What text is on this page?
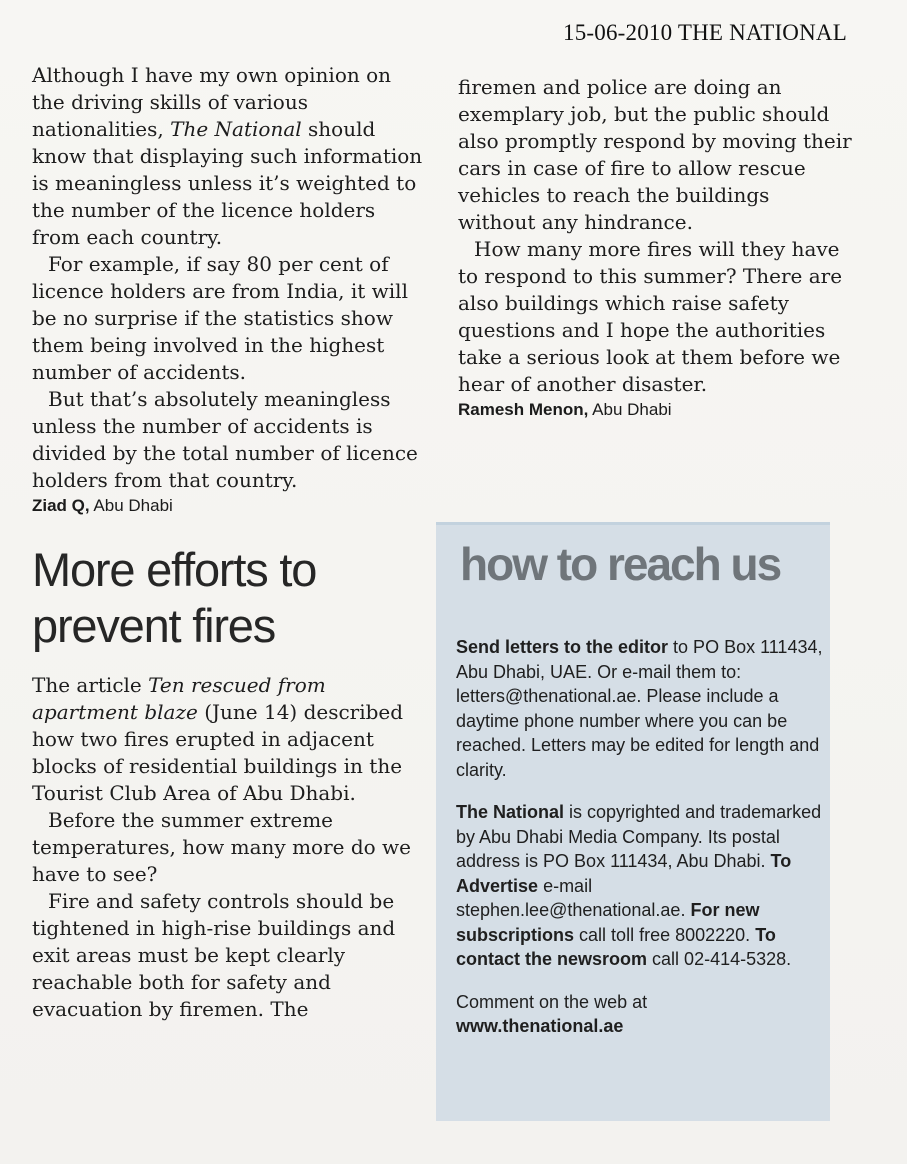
15-06-2010 THE NATIONAL

Although I have my own opinion on the driving skills of various nationalities, The National should know that displaying such information is meaningless unless it’s weighted to the number of the licence holders from each country.

For example, if say 80 per cent of licence holders are from India, it will be no surprise if the statistics show them being involved in the highest number of accidents.

But that’s absolutely meaningless unless the number of accidents is divided by the total number of licence holders from that country.

Ziad Q, Abu Dhabi

More efforts to
prevent fires

The article Ten rescued from apartment blaze (June 14) described how two fires erupted in adjacent blocks of residential buildings in the Tourist Club Area of Abu Dhabi.

Before the summer extreme temperatures, how many more do we have to see?

Fire and safety controls should be tightened in high-rise buildings and exit areas must be kept clearly reachable both for safety and evacuation by firemen. The

firemen and police are doing an exemplary job, but the public should also promptly respond by moving their cars in case of fire to allow rescue vehicles to reach the buildings without any hindrance.

How many more fires will they have to respond to this summer? There are also buildings which raise safety questions and I hope the authorities take a serious look at them before we hear of another disaster.

Ramesh Menon, Abu Dhabi

how to reach us

Send letters to the editor to PO Box 111434, Abu Dhabi, UAE. Or e-mail them to: letters@thenational.ae. Please include a daytime phone number where you can be reached. Letters may be edited for length and clarity.

The National is copyrighted and trademarked by Abu Dhabi Media Company. Its postal address is PO Box 111434, Abu Dhabi. To Advertise e-mail stephen.lee@thenational.ae. For new subscriptions call toll free 8002220. To contact the newsroom call 02-414-5328.

Comment on the web at

www.thenational.ae
